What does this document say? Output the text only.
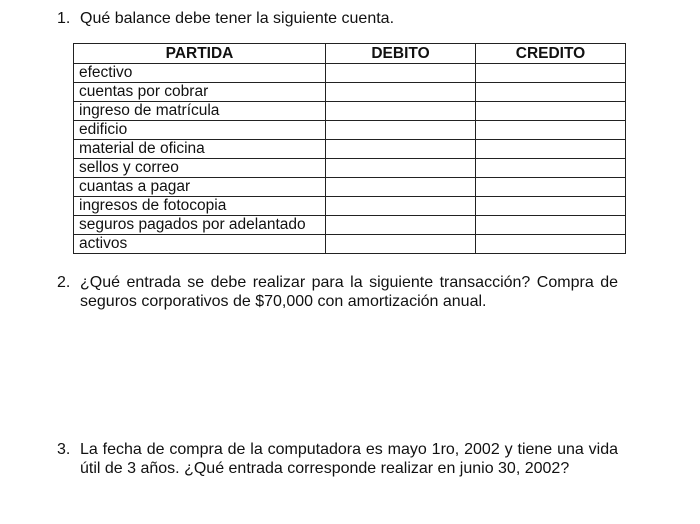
1. Qué balance debe tener la siguiente cuenta.
PARTIDA	DEBITO	CREDITO
efectivo		
cuentas por cobrar		
ingreso de matrícula		
edificio		
material de oficina		
sellos y correo		
cuantas a pagar		
ingresos de fotocopia		
seguros pagados por adelantado		
activos		
2. ¿Qué entrada se debe realizar para la siguiente transacción? Compra de seguros corporativos de $70,000 con amortización anual.
3. La fecha de compra de la computadora es mayo 1ro, 2002 y tiene una vida útil de 3 años. ¿Qué entrada corresponde realizar en junio 30, 2002?
